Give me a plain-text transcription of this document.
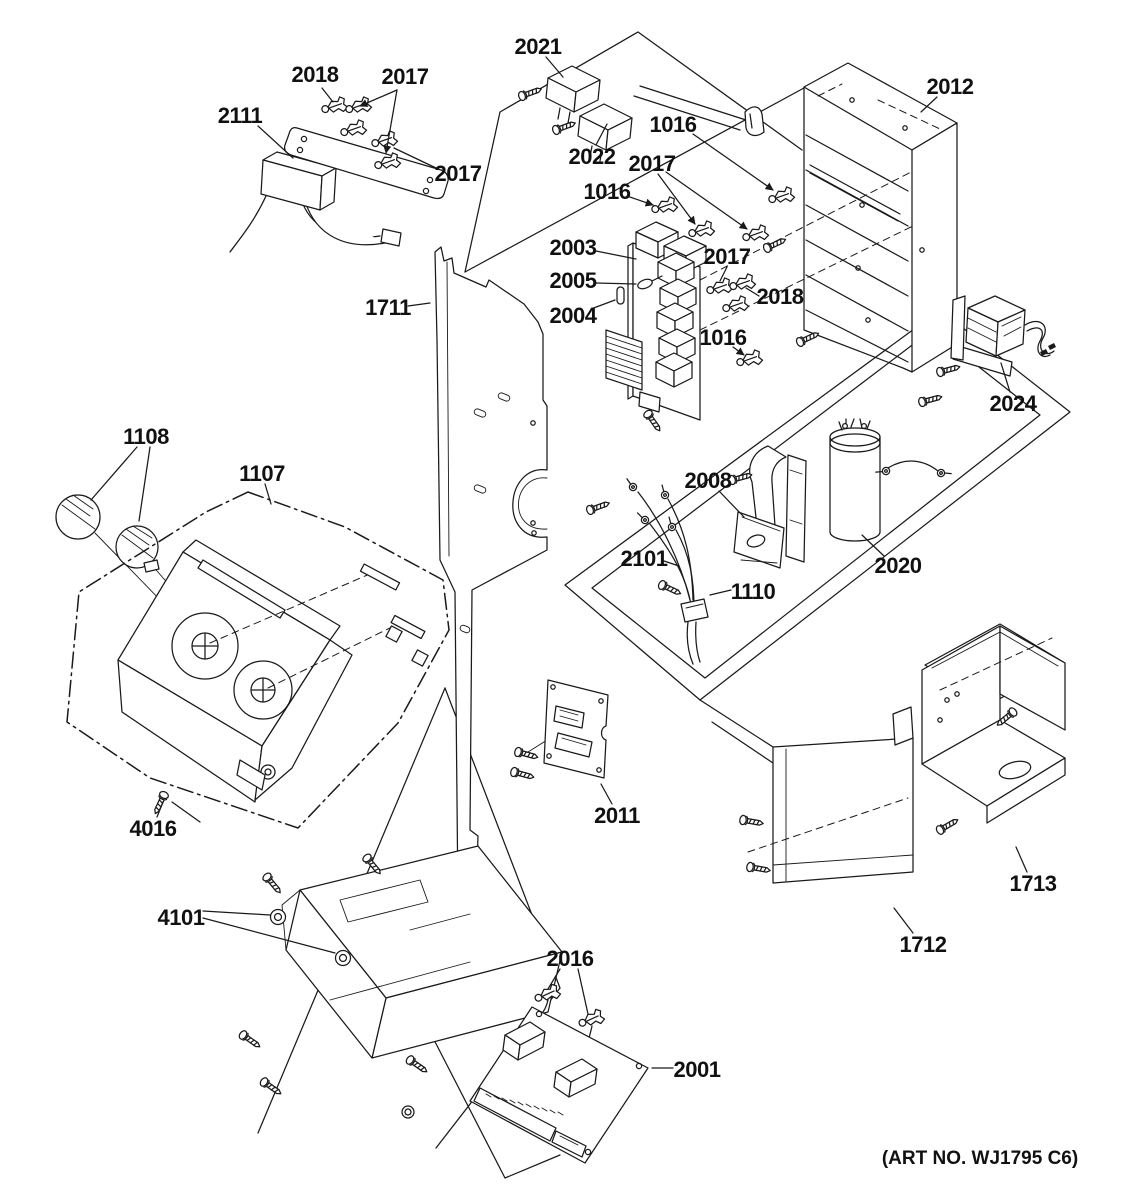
2018 2017
2111
2017
2021
2022
1016
2017
1016
2003
2005
2004
1711
2017
2018
1016
2012
2024
2008
2101
1110
2020
1108
1107
4016
4101
2011
2016
2001
1713
1712
(ART NO. WJ1795 C6)
